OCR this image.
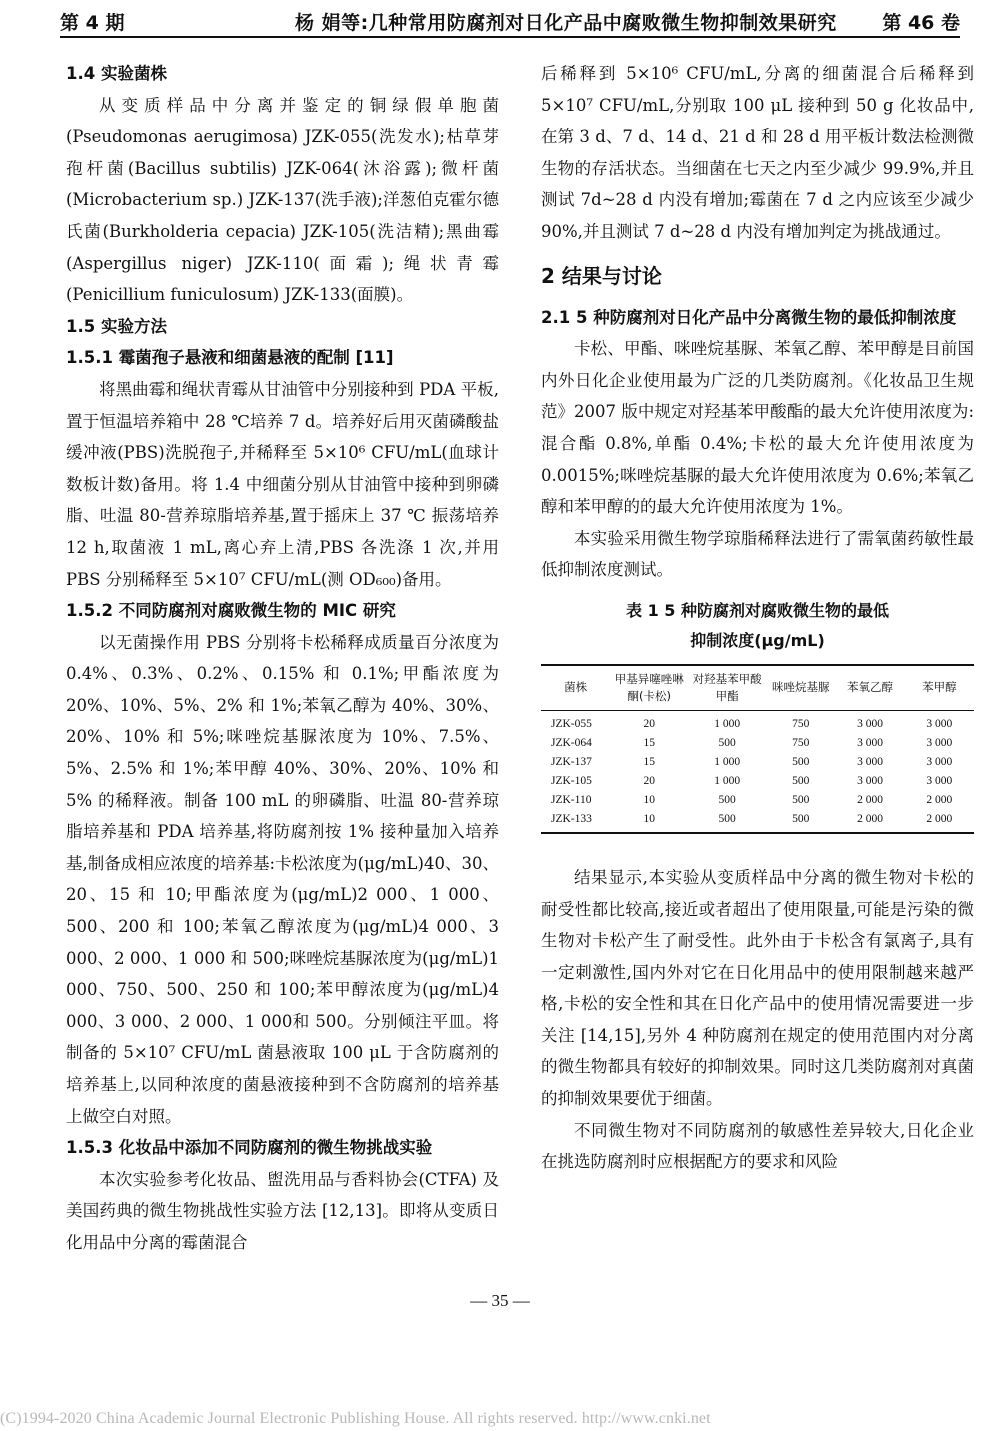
第 4 期	杨 娟等:几种常用防腐剂对日化产品中腐败微生物抑制效果研究 第 46 卷

1.4 实验菌株

从变质样品中分离并鉴定的铜绿假单胞菌(Pseudomonas aerugimosa) JZK-055(洗发水);枯草芽孢杆菌(Bacillus subtilis) JZK-064(沐浴露);微杆菌(Microbacterium sp.) JZK-137(洗手液);洋葱伯克霍尔德氏菌(Burkholderia cepacia) JZK-105(洗洁精);黑曲霉(Aspergillus niger) JZK-110(面霜);绳状青霉(Penicillium funiculosum) JZK-133(面膜)。

1.5 实验方法

1.5.1 霉菌孢子悬液和细菌悬液的配制 [11]

将黑曲霉和绳状青霉从甘油管中分别接种到 PDA 平板,置于恒温培养箱中 28 ℃培养 7 d。培养好后用灭菌磷酸盐缓冲液(PBS)洗脱孢子,并稀释至 5×10⁶ CFU/mL(血球计数板计数)备用。将 1.4 中细菌分别从甘油管中接种到卵磷脂、吐温 80-营养琼脂培养基,置于摇床上 37 ℃ 振荡培养 12 h,取菌液 1 mL,离心弃上清,PBS 各洗涤 1 次,并用 PBS 分别稀释至 5×10⁷ CFU/mL(测 OD₆₀₀)备用。

1.5.2 不同防腐剂对腐败微生物的 MIC 研究

以无菌操作用 PBS 分别将卡松稀释成质量百分浓度为 0.4%、0.3%、0.2%、0.15% 和 0.1%;甲酯浓度为 20%、10%、5%、2% 和 1%;苯氧乙醇为 40%、30%、20%、10% 和 5%;咪唑烷基脲浓度为 10%、7.5%、5%、2.5% 和 1%;苯甲醇 40%、30%、20%、10% 和 5% 的稀释液。制备 100 mL 的卵磷脂、吐温 80-营养琼脂培养基和 PDA 培养基,将防腐剂按 1% 接种量加入培养基,制备成相应浓度的培养基:卡松浓度为(μg/mL)40、30、20、15 和 10;甲酯浓度为(μg/mL)2 000、1 000、500、200 和 100;苯氧乙醇浓度为(μg/mL)4 000、3 000、2 000、1 000 和 500;咪唑烷基脲浓度为(μg/mL)1 000、750、500、250 和 100;苯甲醇浓度为(μg/mL)4 000、3 000、2 000、1 000和 500。分别倾注平皿。将制备的 5×10⁷ CFU/mL 菌悬液取 100 μL 于含防腐剂的培养基上,以同种浓度的菌悬液接种到不含防腐剂的培养基上做空白对照。

1.5.3 化妆品中添加不同防腐剂的微生物挑战实验

本次实验参考化妆品、盥洗用品与香料协会(CTFA) 及美国药典的微生物挑战性实验方法 [12,13]。即将从变质日化用品中分离的霉菌混合

后稀释到 5×10⁶ CFU/mL,分离的细菌混合后稀释到 5×10⁷ CFU/mL,分别取 100 μL 接种到 50 g 化妆品中,在第 3 d、7 d、14 d、21 d 和 28 d 用平板计数法检测微生物的存活状态。当细菌在七天之内至少减少 99.9%,并且测试 7d~28 d 内没有增加;霉菌在 7 d 之内应该至少减少 90%,并且测试 7 d~28 d 内没有增加判定为挑战通过。

2 结果与讨论

2.1 5 种防腐剂对日化产品中分离微生物的最低抑制浓度

卡松、甲酯、咪唑烷基脲、苯氧乙醇、苯甲醇是目前国内外日化企业使用最为广泛的几类防腐剂。《化妆品卫生规范》2007 版中规定对羟基苯甲酸酯的最大允许使用浓度为:混合酯 0.8%,单酯 0.4%;卡松的最大允许使用浓度为 0.0015%;咪唑烷基脲的最大允许使用浓度为 0.6%;苯氧乙醇和苯甲醇的的最大允许使用浓度为 1%。

本实验采用微生物学琼脂稀释法进行了需氧菌药敏性最低抑制浓度测试。

表 1 5 种防腐剂对腐败微生物的最低
抑制浓度(μg/mL)

菌株	甲基异噻唑啉酮(卡松)	对羟基苯甲酸甲酯	咪唑烷基脲	苯氧乙醇	苯甲醇
JZK-055	20	1 000	750	3 000	3 000
JZK-064	15	500	750	3 000	3 000
JZK-137	15	1 000	500	3 000	3 000
JZK-105	20	1 000	500	3 000	3 000
JZK-110	10	500	500	2 000	2 000
JZK-133	10	500	500	2 000	2 000

结果显示,本实验从变质样品中分离的微生物对卡松的耐受性都比较高,接近或者超出了使用限量,可能是污染的微生物对卡松产生了耐受性。此外由于卡松含有氯离子,具有一定刺激性,国内外对它在日化用品中的使用限制越来越严格,卡松的安全性和其在日化产品中的使用情况需要进一步关注 [14,15],另外 4 种防腐剂在规定的使用范围内对分离的微生物都具有较好的抑制效果。同时这几类防腐剂对真菌的抑制效果要优于细菌。

不同微生物对不同防腐剂的敏感性差异较大,日化企业在挑选防腐剂时应根据配方的要求和风险

— 35 —
(C)1994-2020 China Academic Journal Electronic Publishing House. All rights reserved. http://www.cnki.net
